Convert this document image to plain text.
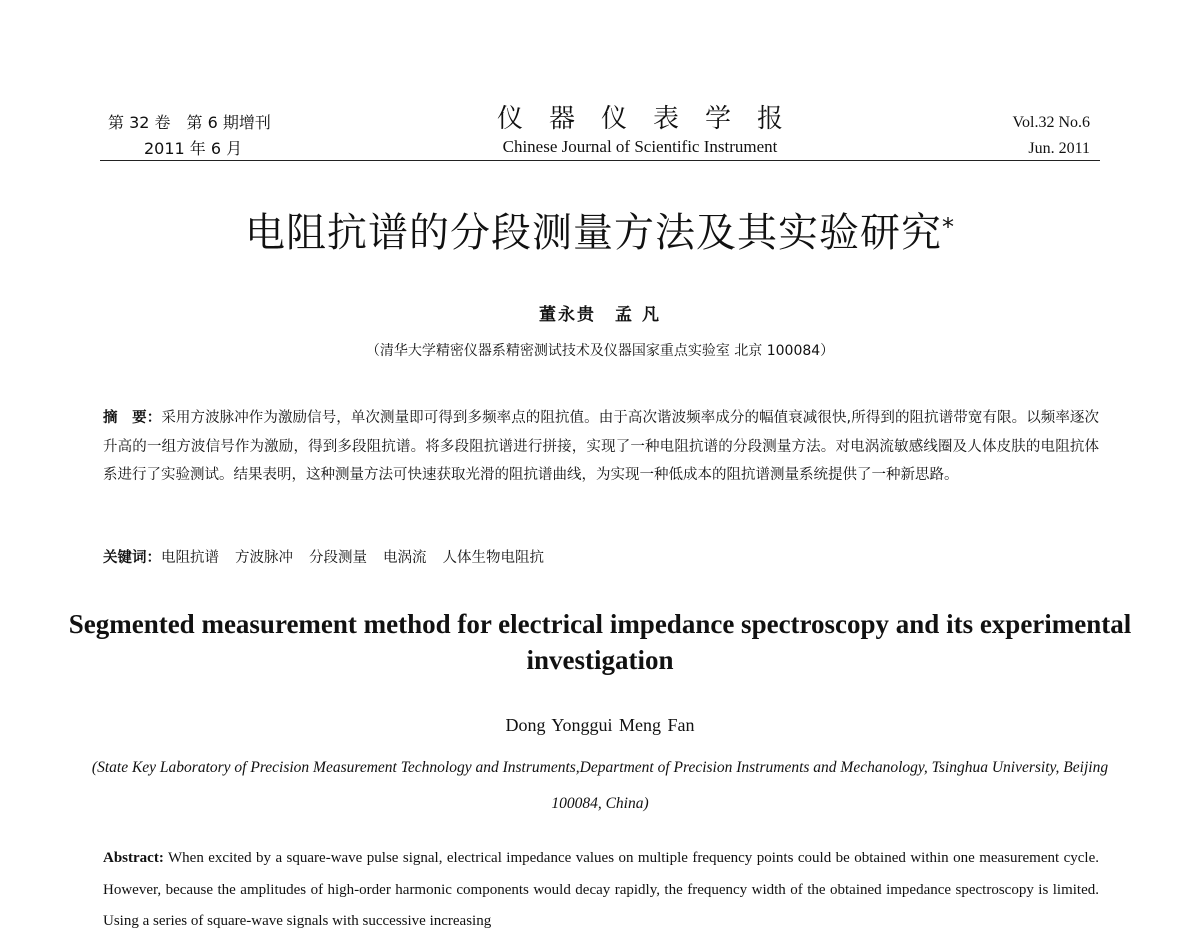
第 32 卷　第 6 期增刊
2011 年 6 月
仪器仪表学报
Chinese Journal of Scientific Instrument
Vol.32 No.6
Jun. 2011
电阻抗谱的分段测量方法及其实验研究*
董永贵　孟 凡
（清华大学精密仪器系精密测试技术及仪器国家重点实验室 北京 100084）
摘　要：采用方波脉冲作为激励信号，单次测量即可得到多频率点的阻抗值。由于高次谐波频率成分的幅值衰减很快,所得到的阻抗谱带宽有限。以频率逐次升高的一组方波信号作为激励，得到多段阻抗谱。将多段阻抗谱进行拼接，实现了一种电阻抗谱的分段测量方法。对电涡流敏感线圈及人体皮肤的电阻抗体系进行了实验测试。结果表明，这种测量方法可快速获取光滑的阻抗谱曲线，为实现一种低成本的阻抗谱测量系统提供了一种新思路。
关键词：电阻抗谱 方波脉冲 分段测量 电涡流 人体生物电阻抗
Segmented measurement method for electrical impedance spectroscopy and its experimental investigation
Dong Yonggui Meng Fan
(State Key Laboratory of Precision Measurement Technology and Instruments,Department of Precision Instruments and Mechanology, Tsinghua University, Beijing 100084, China)
Abstract: When excited by a square-wave pulse signal, electrical impedance values on multiple frequency points could be obtained within one measurement cycle. However, because the amplitudes of high-order harmonic components would decay rapidly, the frequency width of the obtained impedance spectroscopy is limited. Using a series of square-wave signals with successive increasing
